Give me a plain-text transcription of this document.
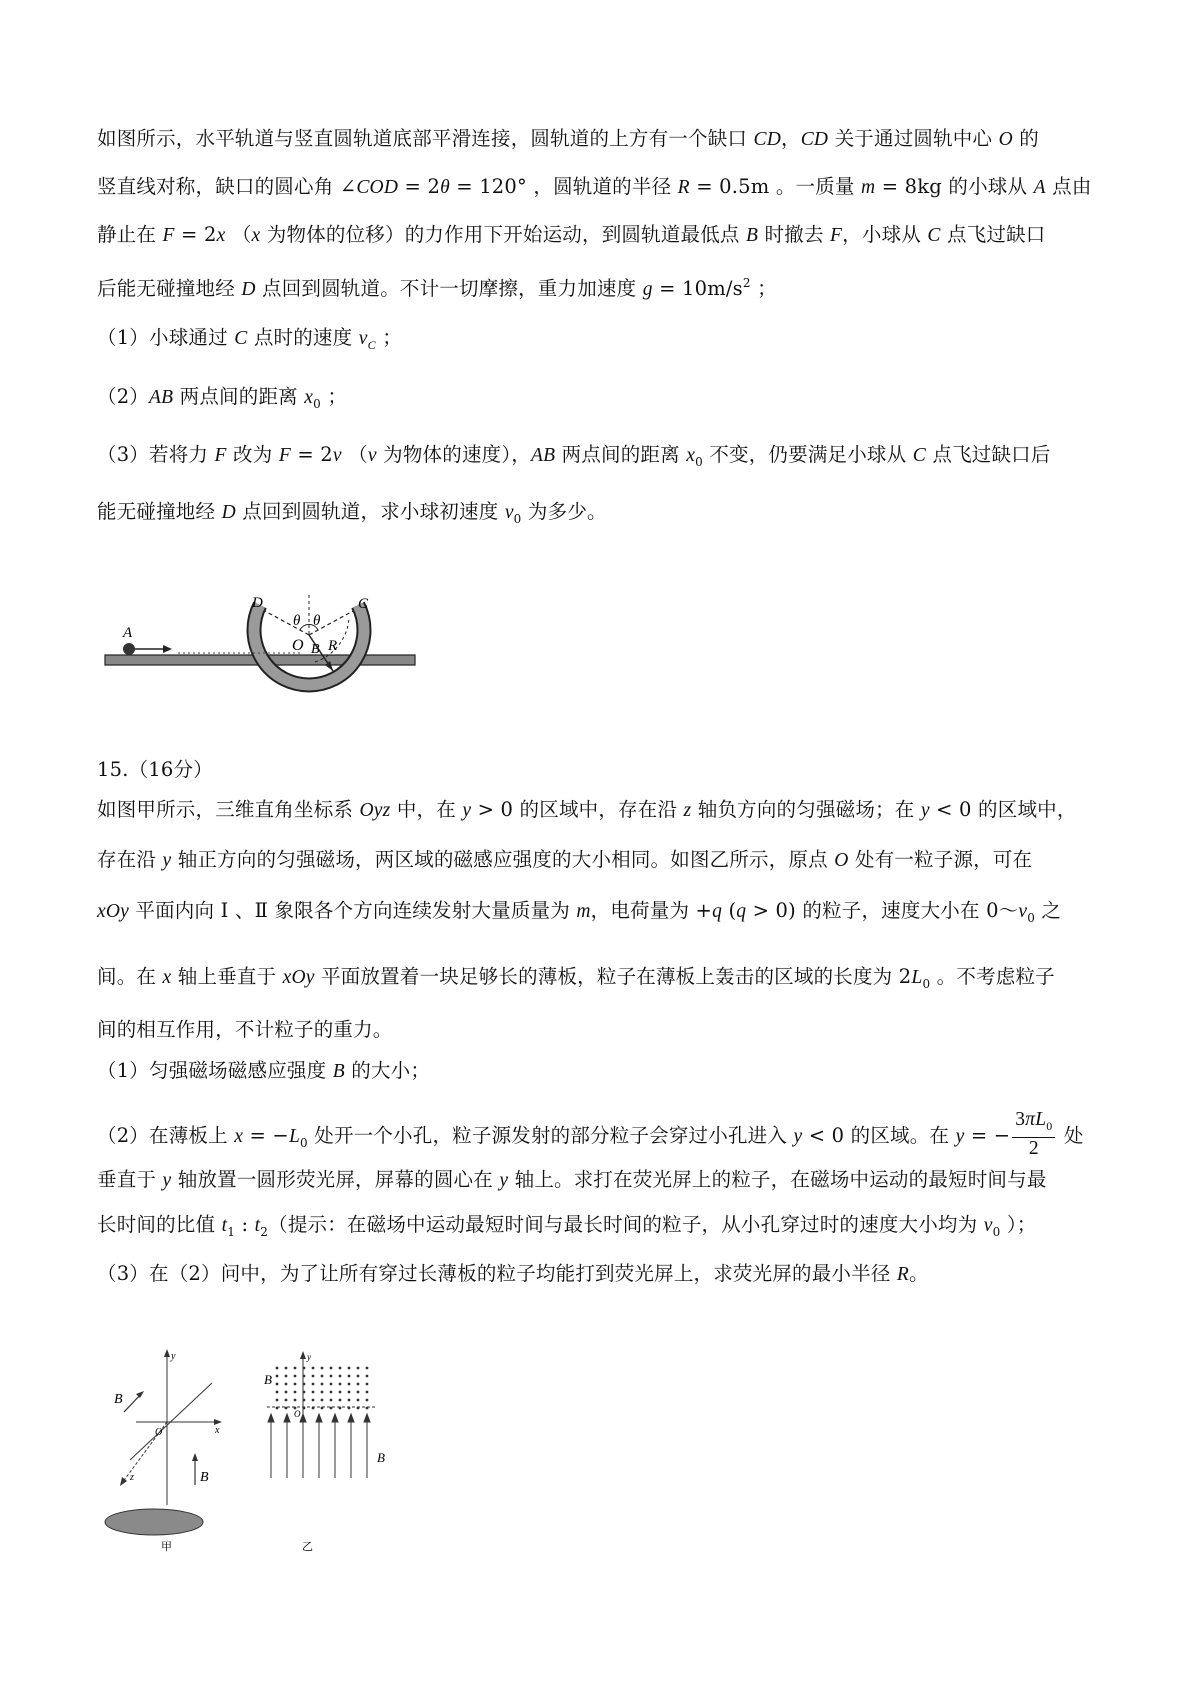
如图所示，水平轨道与竖直圆轨道底部平滑连接，圆轨道的上方有一个缺口 CD，CD 关于通过圆轨中心 O 的
竖直线对称，缺口的圆心角 ∠COD = 2θ = 120° ，圆轨道的半径 R = 0.5m 。一质量 m = 8kg 的小球从 A 点由
静止在 F = 2x （x 为物体的位移）的力作用下开始运动，到圆轨道最低点 B 时撤去 F，小球从 C 点飞过缺口
后能无碰撞地经 D 点回到圆轨道。不计一切摩擦，重力加速度 $g = 10m/s^2$ ；
（1）小球通过 C 点时的速度 $v_C$ ；
（2）AB 两点间的距离 $x_0$ ；
（3）若将力 F 改为 F = 2v （v 为物体的速度），AB 两点间的距离 $x_0$ 不变，仍要满足小球从 C 点飞过缺口后
能无碰撞地经 D 点回到圆轨道，求小球初速度 $v_0$ 为多少。
D	C
θ θ
O R
A
B
15.（16分）
如图甲所示，三维直角坐标系 Oyz 中，在 y > 0 的区域中，存在沿 z 轴负方向的匀强磁场；在 y < 0 的区域中，
存在沿 y 轴正方向的匀强磁场，两区域的磁感应强度的大小相同。如图乙所示，原点 O 处有一粒子源，可在
xOy 平面内向 Ⅰ 、Ⅱ 象限各个方向连续发射大量质量为 m，电荷量为 +q (q > 0) 的粒子，速度大小在 $0\sim v_0$ 之
间。在 x 轴上垂直于 xOy 平面放置着一块足够长的薄板，粒子在薄板上轰击的区域的长度为 $2L_0$ 。不考虑粒子
间的相互作用，不计粒子的重力。
（1）匀强磁场磁感应强度 B 的大小；
（2）在薄板上 $x = -L_0$ 处开一个小孔，粒子源发射的部分粒子会穿过小孔进入 y < 0 的区域。在 y = − $\frac{3\pi L_0}{2}$ 处
垂直于 y 轴放置一圆形荧光屏，屏幕的圆心在 y 轴上。求打在荧光屏上的粒子，在磁场中运动的最短时间与最
长时间的比值 $t_1$ : $t_2$（提示：在磁场中运动最短时间与最长时间的粒子，从小孔穿过时的速度大小均为 $v_0$ ）；
（3）在（2）问中，为了让所有穿过长薄板的粒子均能打到荧光屏上，求荧光屏的最小半径 R。
y
x
O
z
B
B
甲
y
B
O
B
乙
